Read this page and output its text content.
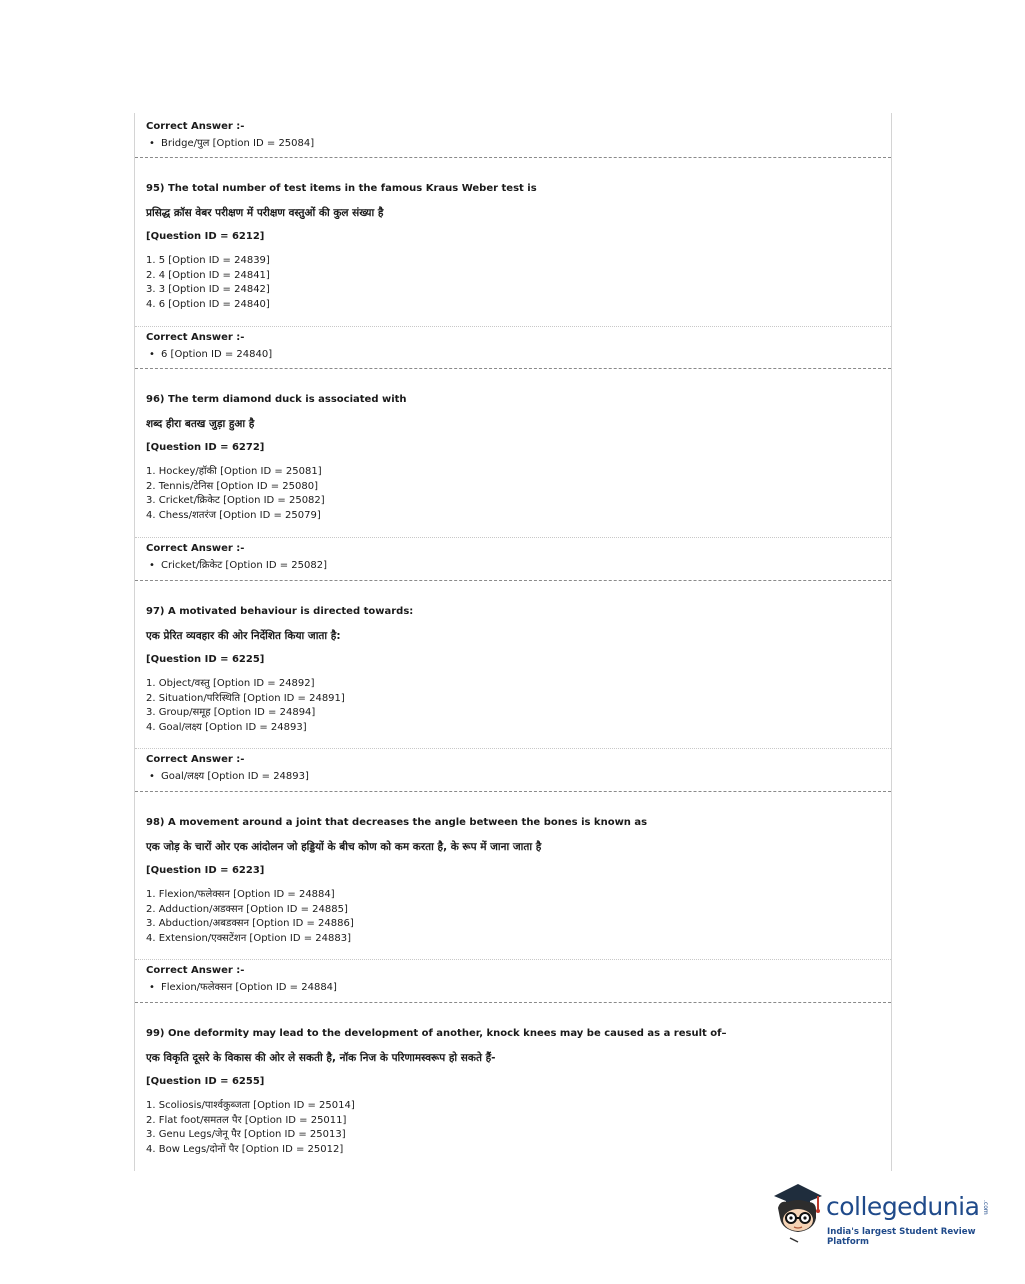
Correct Answer :-
• Bridge/पुल [Option ID = 25084]
95) The total number of test items in the famous Kraus Weber test is
प्रसिद्ध क्रॉस वेबर परीक्षण में परीक्षण वस्तुओं की कुल संख्या है
[Question ID = 6212]
1. 5 [Option ID = 24839]
2. 4 [Option ID = 24841]
3. 3 [Option ID = 24842]
4. 6 [Option ID = 24840]
Correct Answer :-
• 6 [Option ID = 24840]
96) The term diamond duck is associated with
शब्द हीरा बतख जुड़ा हुआ है
[Question ID = 6272]
1. Hockey/हॉकी [Option ID = 25081]
2. Tennis/टेनिस [Option ID = 25080]
3. Cricket/क्रिकेट [Option ID = 25082]
4. Chess/शतरंज [Option ID = 25079]
Correct Answer :-
• Cricket/क्रिकेट [Option ID = 25082]
97) A motivated behaviour is directed towards:
एक प्रेरित व्यवहार की ओर निर्देशित किया जाता है:
[Question ID = 6225]
1. Object/वस्तु [Option ID = 24892]
2. Situation/परिस्थिति [Option ID = 24891]
3. Group/समूह [Option ID = 24894]
4. Goal/लक्ष्य [Option ID = 24893]
Correct Answer :-
• Goal/लक्ष्य [Option ID = 24893]
98) A movement around a joint that decreases the angle between the bones is known as
एक जोड़ के चारों ओर एक आंदोलन जो हड्डियों के बीच कोण को कम करता है, के रूप में जाना जाता है
[Question ID = 6223]
1. Flexion/फलेक्सन [Option ID = 24884]
2. Adduction/अडक्सन [Option ID = 24885]
3. Abduction/अबडक्सन [Option ID = 24886]
4. Extension/एक्सटेंशन [Option ID = 24883]
Correct Answer :-
• Flexion/फलेक्सन [Option ID = 24884]
99) One deformity may lead to the development of another, knock knees may be caused as a result of–
एक विकृति दूसरे के विकास की ओर ले सकती है, नॉक निज के परिणामस्वरूप हो सकते हैं-
[Question ID = 6255]
1. Scoliosis/पार्श्वकुब्जता [Option ID = 25014]
2. Flat foot/समतल पैर [Option ID = 25011]
3. Genu Legs/जेनू पैर [Option ID = 25013]
4. Bow Legs/दोनों पैर [Option ID = 25012]
collegedunia .com
India's largest Student Review Platform
